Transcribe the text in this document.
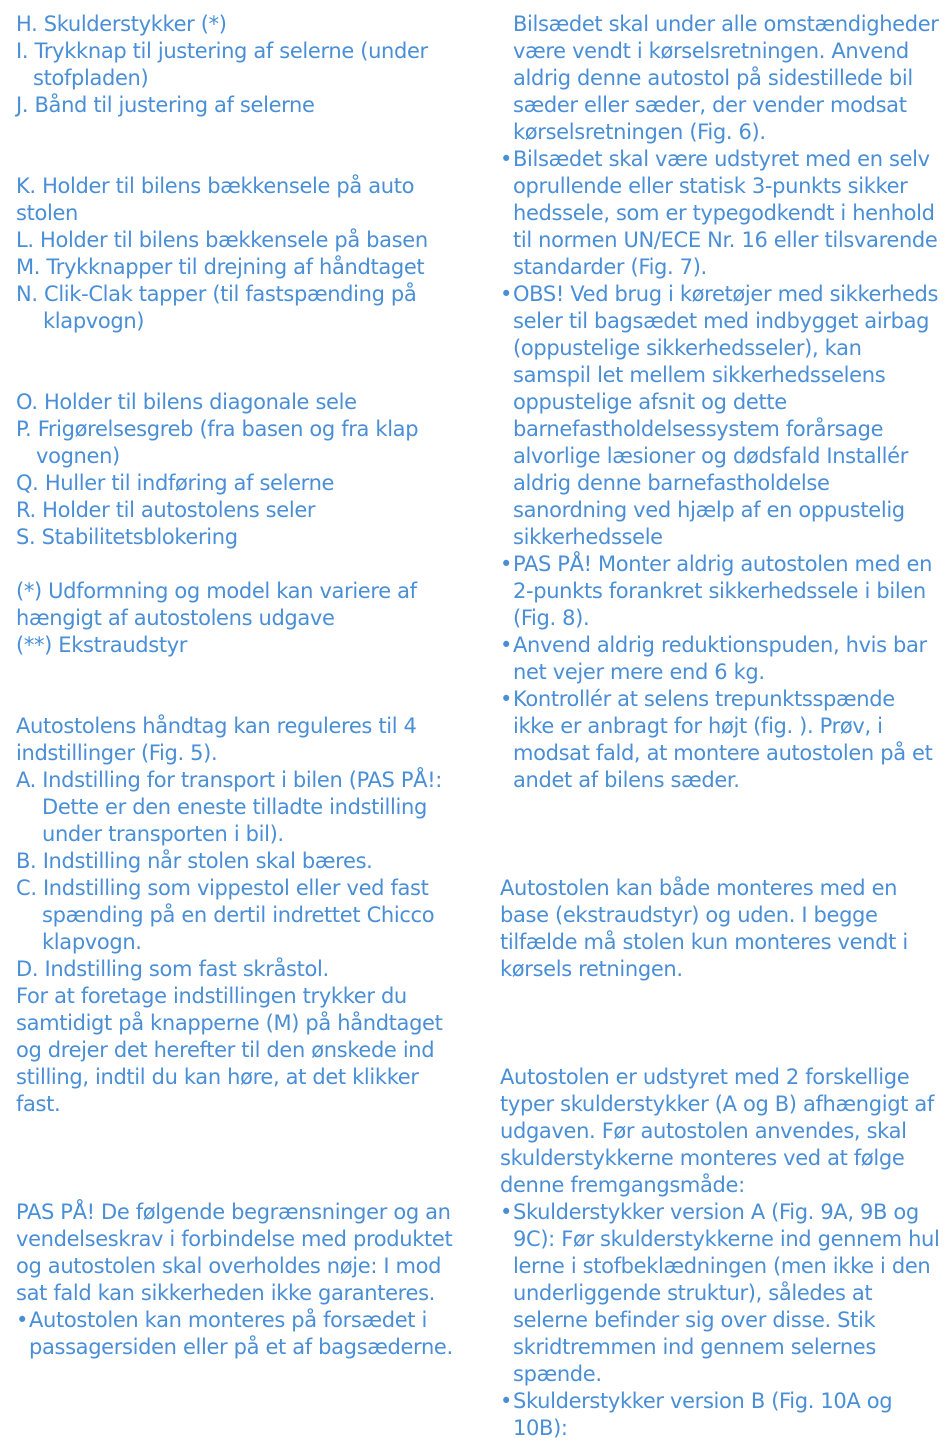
H. Skulderstykker (*)

I. Trykknap til justering af selerne (under stofpladen)

J. Bånd til justering af selerne

K. Holder til bilens bækkensele på auto stolen

L. Holder til bilens bækkensele på basen

M. Trykknapper til drejning af håndtaget

N. Clik-Clak tapper (til fastspænding på klapvogn)

O. Holder til bilens diagonale sele

P. Frigørelsesgreb (fra basen og fra klap vognen)

Q. Huller til indføring af selerne

R. Holder til autostolens seler

S. Stabilitetsblokering

(*) Udformning og model kan variere af hængigt af autostolens udgave

(**) Ekstraudstyr

Autostolens håndtag kan reguleres til 4 indstillinger (Fig. 5).

A. Indstilling for transport i bilen (PAS PÅ!: Dette er den eneste tilladte indstilling under transporten i bil).

B. Indstilling når stolen skal bæres.

C. Indstilling som vippestol eller ved fast spænding på en dertil indrettet Chicco klapvogn.

D. Indstilling som fast skråstol.

For at foretage indstillingen trykker du samtidigt på knapperne (M) på håndtaget og drejer det herefter til den ønskede ind stilling, indtil du kan høre, at det klikker fast.

PAS PÅ! De følgende begrænsninger og an vendelseskrav i forbindelse med produktet og autostolen skal overholdes nøje: I mod sat fald kan sikkerheden ikke garanteres.

• Autostolen kan monteres på forsædet i passagersiden eller på et af bagsæderne.

Bilsædet skal under alle omstændigheder være vendt i kørselsretningen. Anvend aldrig denne autostol på sidestillede bil sæder eller sæder, der vender modsat kørselsretningen (Fig. 6).

• Bilsædet skal være udstyret med en selv oprullende eller statisk 3-punkts sikker hedssele, som er typegodkendt i henhold til normen UN/ECE Nr. 16 eller tilsvarende standarder (Fig. 7).

• OBS! Ved brug i køretøjer med sikkerheds seler til bagsædet med indbygget airbag (oppustelige sikkerhedsseler), kan samspil let mellem sikkerhedsselens oppustelige afsnit og dette barnefastholdelsessystem forårsage alvorlige læsioner og dødsfald Installér aldrig denne barnefastholdelse sanordning ved hjælp af en oppustelig sikkerhedssele

• PAS PÅ! Monter aldrig autostolen med en 2-punkts forankret sikkerhedssele i bilen (Fig. 8).

• Anvend aldrig reduktionspuden, hvis bar net vejer mere end 6 kg.

• Kontrollér at selens trepunktsspænde ikke er anbragt for højt (fig. ). Prøv, i modsat fald, at montere autostolen på et andet af bilens sæder.

Autostolen kan både monteres med en base (ekstraudstyr) og uden. I begge tilfælde må stolen kun monteres vendt i kørsels retningen.

Autostolen er udstyret med 2 forskellige typer skulderstykker (A og B) afhængigt af udgaven. Før autostolen anvendes, skal skulderstykkerne monteres ved at følge denne fremgangsmåde:

• Skulderstykker version A (Fig. 9A, 9B og 9C): Før skulderstykkerne ind gennem hul lerne i stofbeklædningen (men ikke i den underliggende struktur), således at selerne befinder sig over disse. Stik skridtremmen ind gennem selernes spænde.

• Skulderstykker version B (Fig. 10A og 10B):
